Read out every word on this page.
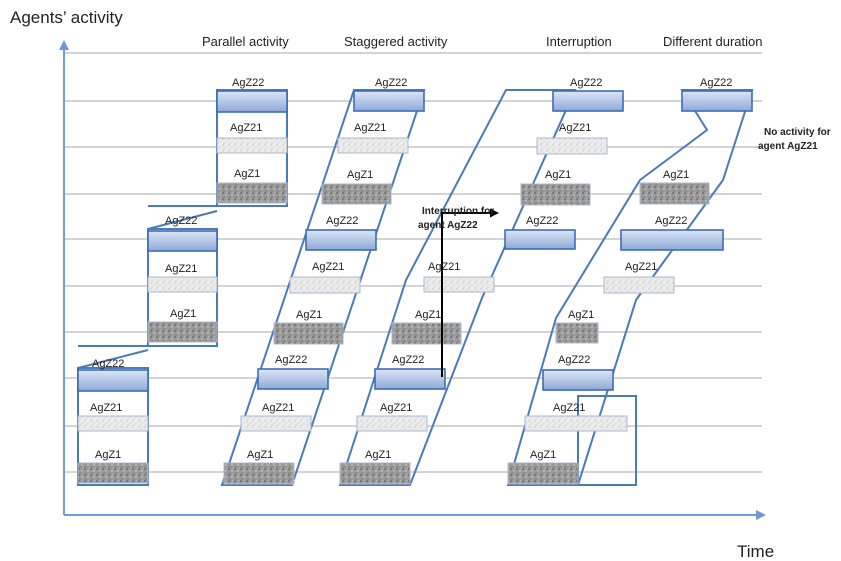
AgZ22
AgZ21
AgZ1
AgZ22
AgZ21
AgZ1
AgZ22
AgZ21
AgZ1
AgZ22
AgZ21
AgZ1
AgZ22
AgZ21
AgZ1
AgZ22
AgZ21
AgZ1
AgZ22
AgZ21
AgZ1
AgZ22
AgZ21
AgZ1
AgZ22
AgZ21
AgZ1
AgZ22
AgZ1
AgZ22
AgZ21
AgZ1
AgZ22
AgZ21
AgZ1
Agents’ activity
Time
Parallel activity	Staggered activity	Interruption	Different duration
Interruption for
agent AgZ22
No activity for
agent AgZ21
